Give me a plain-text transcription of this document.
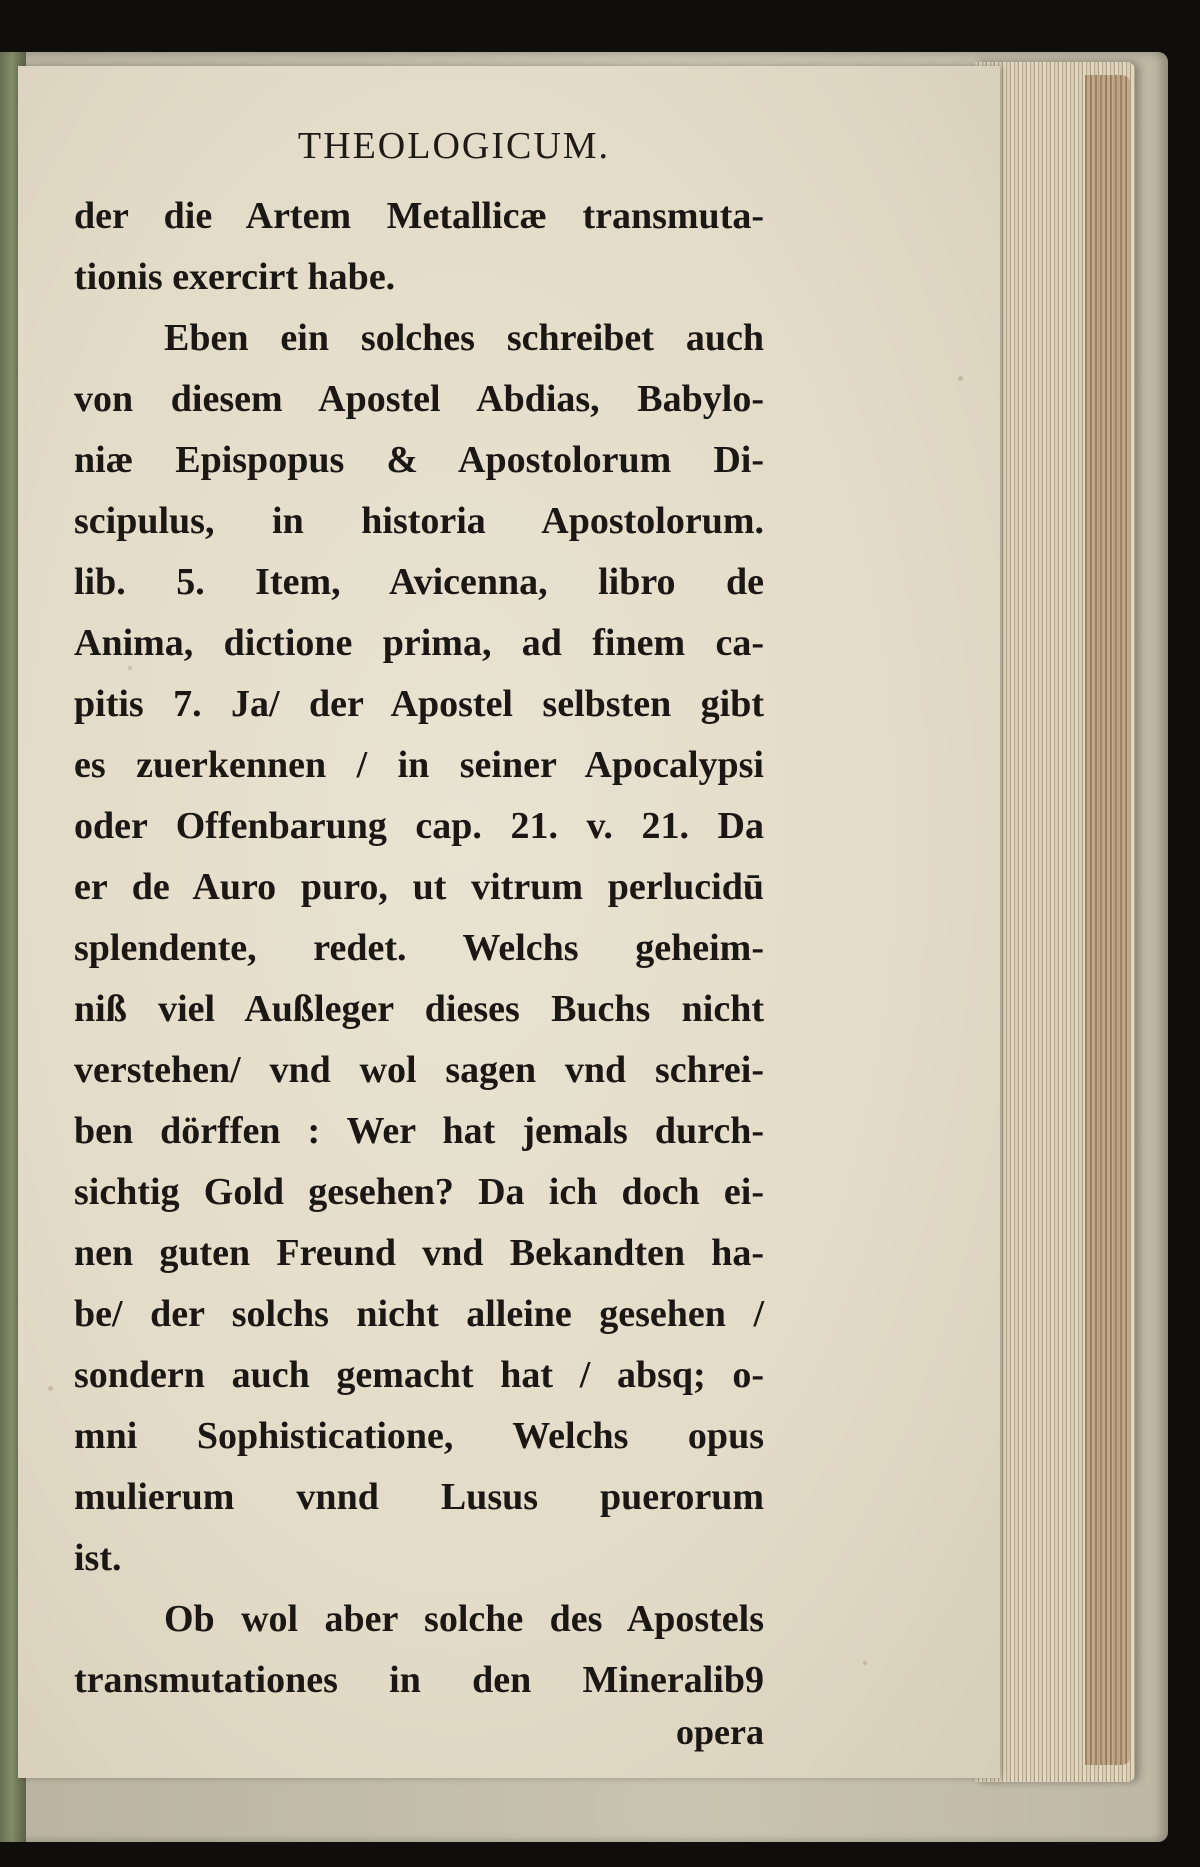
THEOLOGICUM.
der die Artem Metallicæ transmuta-
tionis exercirt habe.
Eben ein solches schreibet auch
von diesem Apostel Abdias, Babylo-
niæ Epispopus & Apostolorum Di-
scipulus, in historia Apostolorum.
lib. 5. Item, Avicenna, libro de
Anima, dictione prima, ad finem ca-
pitis 7. Ja/ der Apostel selbsten gibt
es zuerkennen / in seiner Apocalypsi
oder Offenbarung cap. 21. v. 21. Da
er de Auro puro, ut vitrum perlucidū
splendente, redet. Welchs geheim-
niß viel Außleger dieses Buchs nicht
verstehen/ vnd wol sagen vnd schrei-
ben dörffen : Wer hat jemals durch-
sichtig Gold gesehen? Da ich doch ei-
nen guten Freund vnd Bekandten ha-
be/ der solchs nicht alleine gesehen /
sondern auch gemacht hat / absq; o-
mni Sophisticatione, Welchs opus
mulierum vnnd Lusus puerorum
ist.
Ob wol aber solche des Apostels
transmutationes in den Mineralib9
opera
